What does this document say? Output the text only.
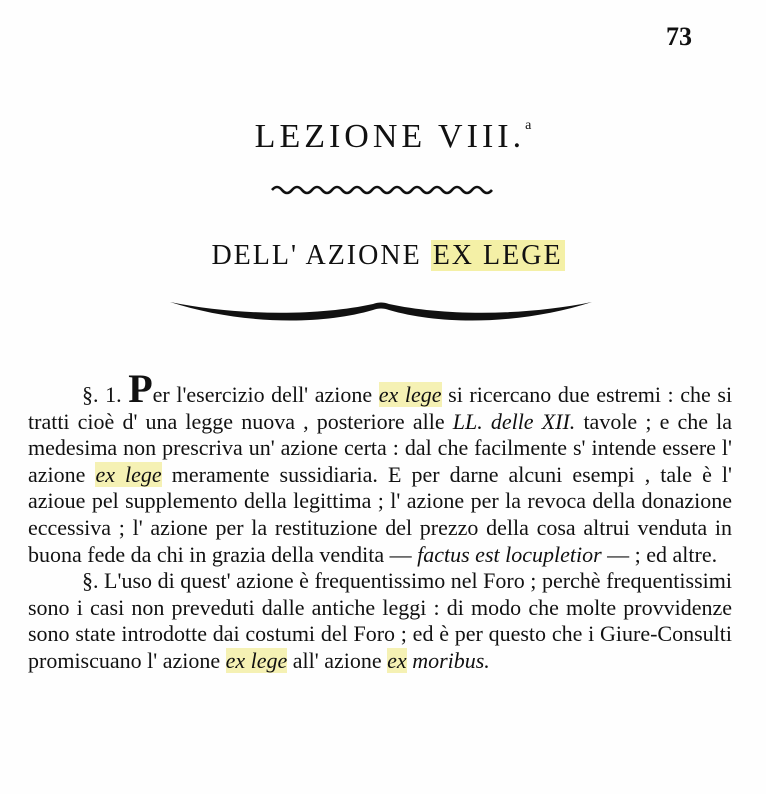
73
LEZIONE VIII.$^a$
DELL' AZIONE EX LEGE

§. 1. Per l'esercizio dell' azione ex lege si ricercano due estremi : che si tratti cioè d' una legge nuova , posteriore alle LL. delle XII. tavole ; e che la medesima non prescriva un' azione certa : dal che facilmente s' intende essere l' azione ex lege meramente sussidiaria. E per darne alcuni esempi , tale è l' azioue pel supplemento della legittima ; l' azione per la revoca della donazione eccessiva ; l' azione per la restituzione del prezzo della cosa altrui venduta in buona fede da chi in grazia della vendita — factus est locupletior — ; ed altre.

§. L'uso di quest' azione è frequentissimo nel Foro ; perchè frequentissimi sono i casi non preveduti dalle antiche leggi : di modo che molte provvidenze sono state introdotte dai costumi del Foro ; ed è per questo che i Giure-Consulti promiscuano l' azione ex lege all' azione ex moribus.
